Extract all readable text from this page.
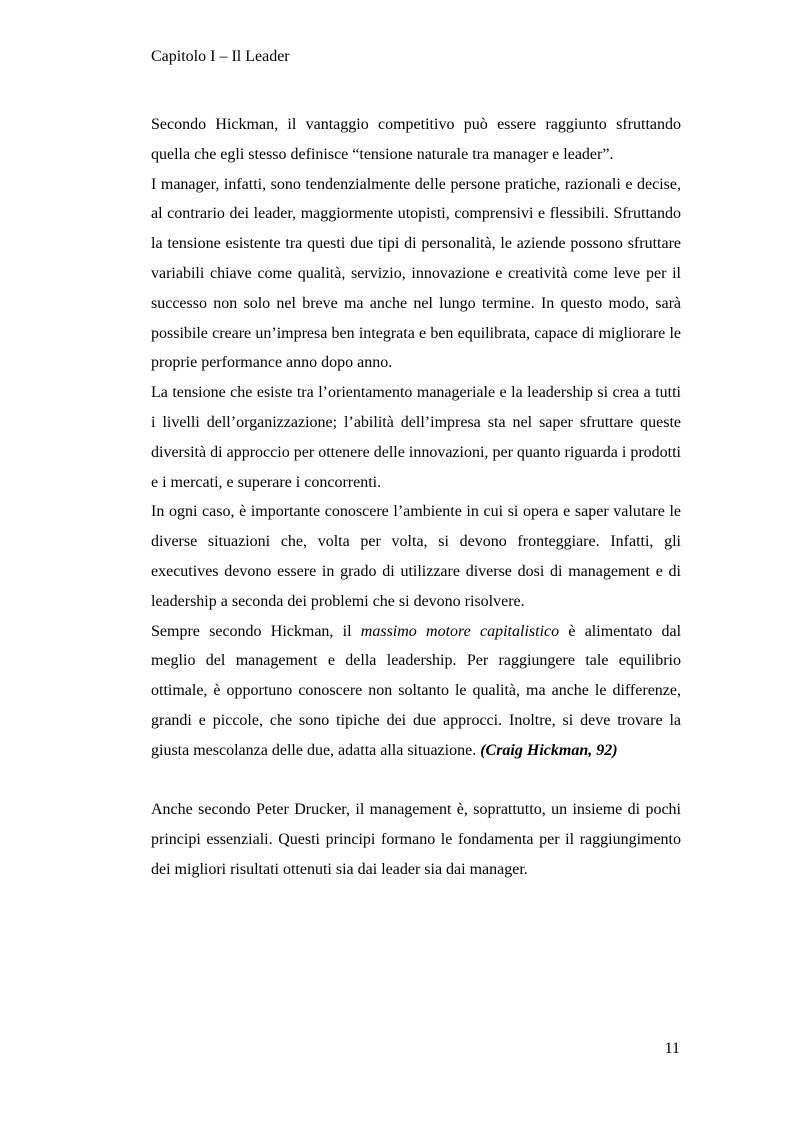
Capitolo I – Il Leader

Secondo Hickman, il vantaggio competitivo può essere raggiunto sfruttando quella che egli stesso definisce “tensione naturale tra manager e leader”.

I manager, infatti, sono tendenzialmente delle persone pratiche, razionali e decise, al contrario dei leader, maggiormente utopisti, comprensivi e flessibili. Sfruttando la tensione esistente tra questi due tipi di personalità, le aziende possono sfruttare variabili chiave come qualità, servizio, innovazione e creatività come leve per il successo non solo nel breve ma anche nel lungo termine. In questo modo, sarà possibile creare un’impresa ben integrata e ben equilibrata, capace di migliorare le proprie performance anno dopo anno.

La tensione che esiste tra l’orientamento manageriale e la leadership si crea a tutti i livelli dell’organizzazione; l’abilità dell’impresa sta nel saper sfruttare queste diversità di approccio per ottenere delle innovazioni, per quanto riguarda i prodotti e i mercati, e superare i concorrenti.

In ogni caso, è importante conoscere l’ambiente in cui si opera e saper valutare le diverse situazioni che, volta per volta, si devono fronteggiare. Infatti, gli executives devono essere in grado di utilizzare diverse dosi di management e di leadership a seconda dei problemi che si devono risolvere.

Sempre secondo Hickman, il massimo motore capitalistico è alimentato dal meglio del management e della leadership. Per raggiungere tale equilibrio ottimale, è opportuno conoscere non soltanto le qualità, ma anche le differenze, grandi e piccole, che sono tipiche dei due approcci. Inoltre, si deve trovare la giusta mescolanza delle due, adatta alla situazione. (Craig Hickman, 92)

Anche secondo Peter Drucker, il management è, soprattutto, un insieme di pochi principi essenziali. Questi principi formano le fondamenta per il raggiungimento dei migliori risultati ottenuti sia dai leader sia dai manager.

11
